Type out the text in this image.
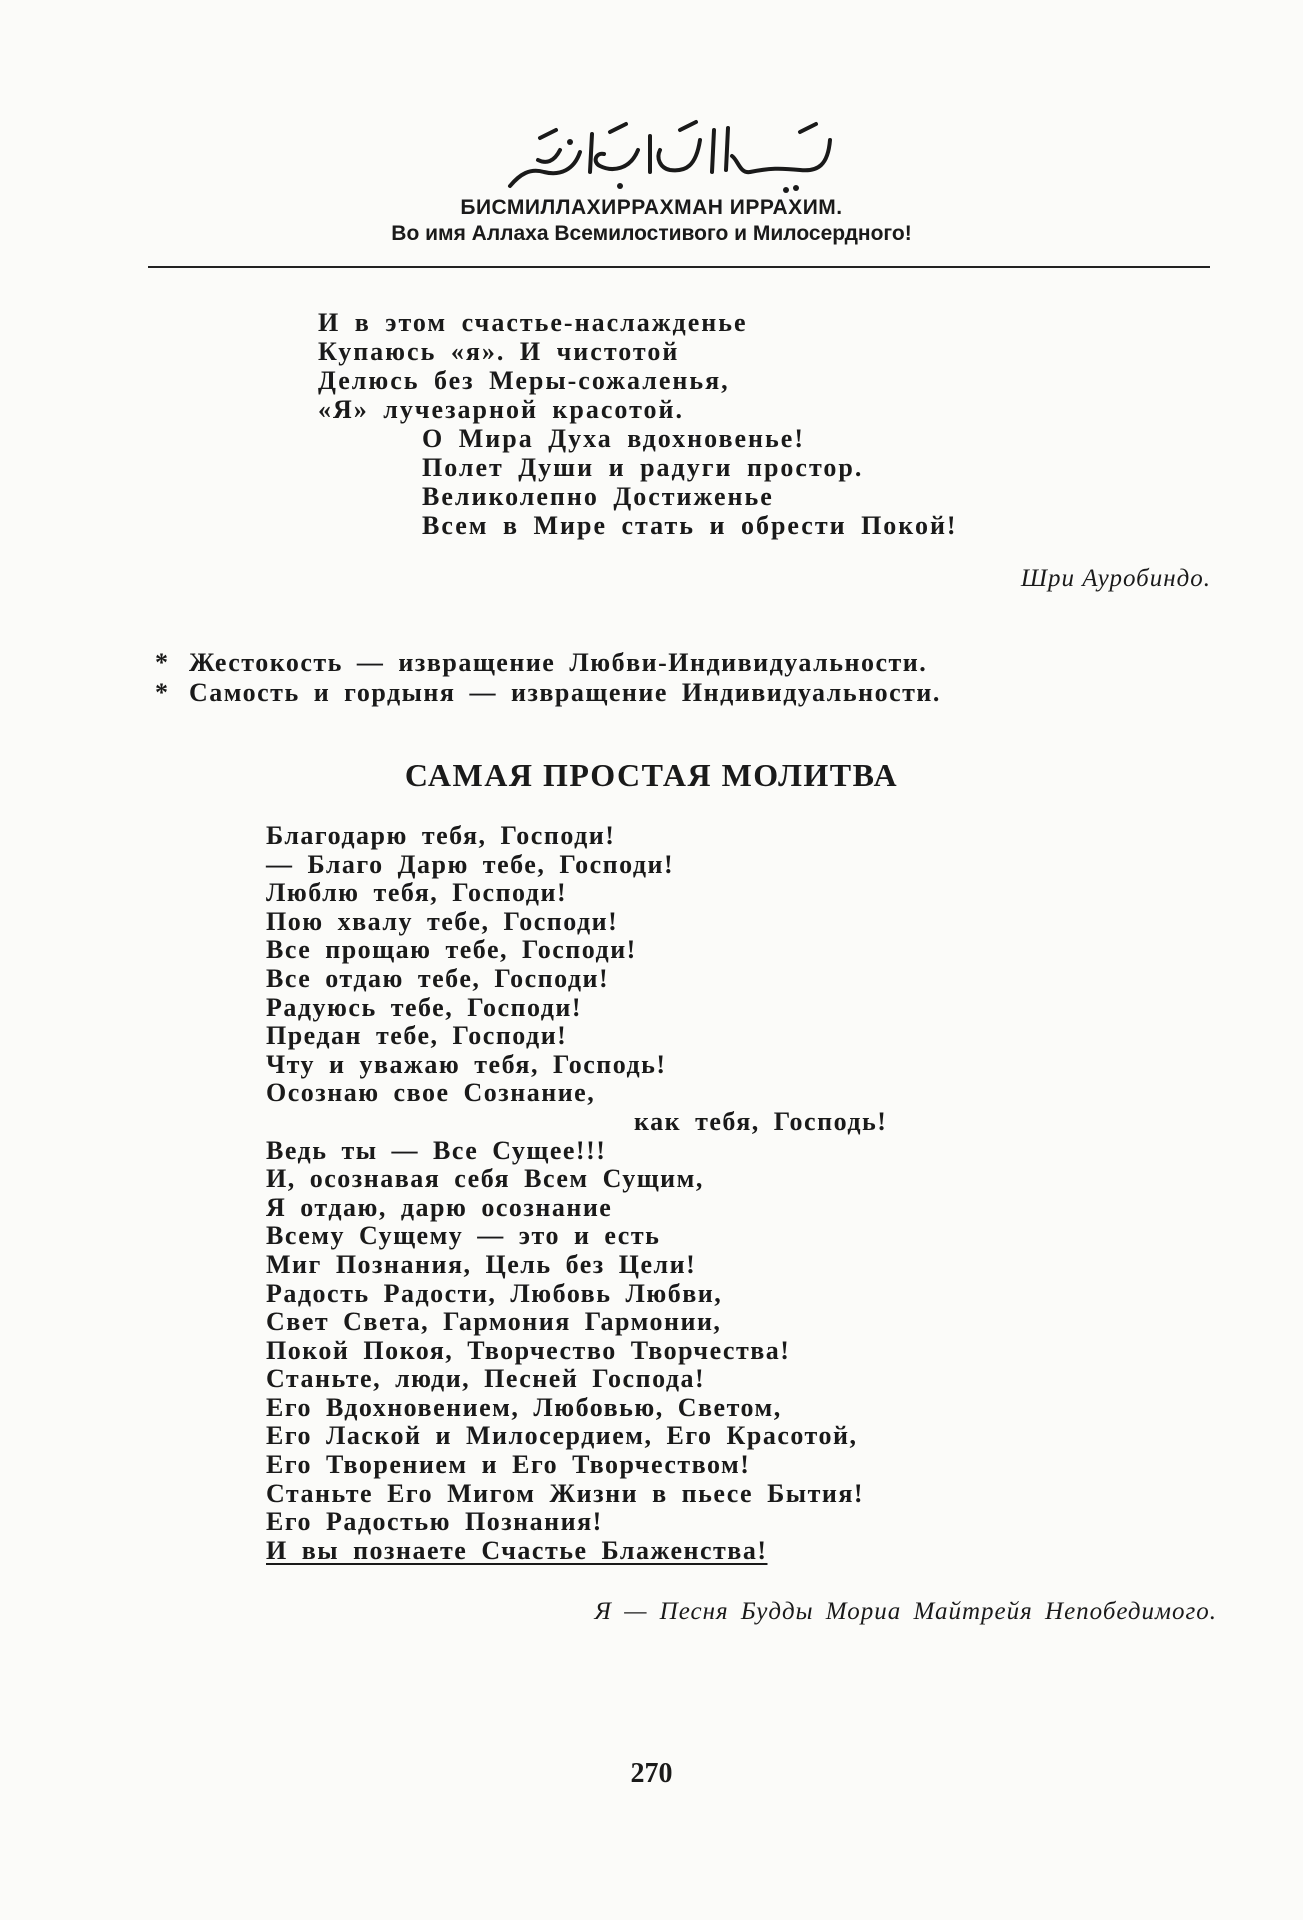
БИСМИЛЛАХИРРАХМАН ИРРАХИМ.
Во имя Аллаха Всемилостивого и Милосердного!
И в этом счастье-наслажденье
Купаюсь «я». И чистотой
Делюсь без Меры-сожаленья,
«Я» лучезарной красотой.
О Мира Духа вдохновенье!
Полет Души и радуги простор.
Великолепно Достиженье
Всем в Мире стать и обрести Покой!
Шри Ауробиндо.
* Жестокость — извращение Любви-Индивидуальности.
* Самость и гордыня — извращение Индивидуальности.
САМАЯ ПРОСТАЯ МОЛИТВА
Благодарю тебя, Господи!
— Благо Дарю тебе, Господи!
Люблю тебя, Господи!
Пою хвалу тебе, Господи!
Все прощаю тебе, Господи!
Все отдаю тебе, Господи!
Радуюсь тебе, Господи!
Предан тебе, Господи!
Чту и уважаю тебя, Господь!
Осознаю свое Сознание,
как тебя, Господь!
Ведь ты — Все Сущее!!!
И, осознавая себя Всем Сущим,
Я отдаю, дарю осознание
Всему Сущему — это и есть
Миг Познания, Цель без Цели!
Радость Радости, Любовь Любви,
Свет Света, Гармония Гармонии,
Покой Покоя, Творчество Творчества!
Станьте, люди, Песней Господа!
Его Вдохновением, Любовью, Светом,
Его Лаской и Милосердием, Его Красотой,
Его Творением и Его Творчеством!
Станьте Его Мигом Жизни в пьесе Бытия!
Его Радостью Познания!
И вы познаете Счастье Блаженства!
Я — Песня Будды Мориа Майтрейя Непобедимого.
270
